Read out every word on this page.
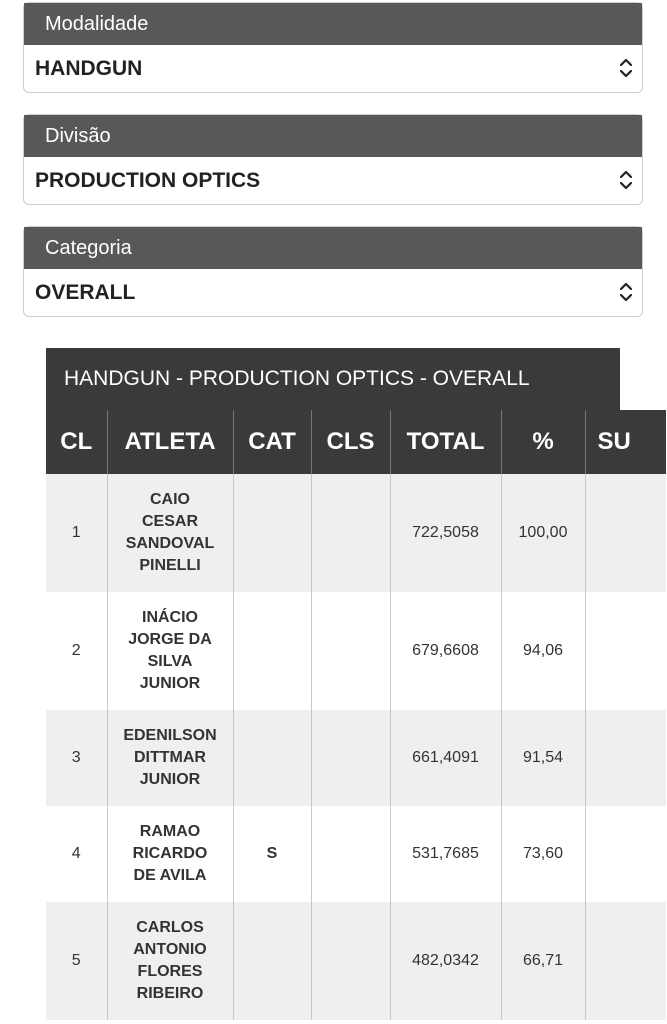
Modalidade
HANDGUN
Divisão
PRODUCTION OPTICS
Categoria
OVERALL
HANDGUN - PRODUCTION OPTICS - OVERALL
CL	ATLETA	CAT	CLS	TOTAL	%	SU
1	CAIO
CESAR
SANDOVAL
PINELLI			722,5058	100,00	
2	INÁCIO
JORGE DA
SILVA
JUNIOR			679,6608	94,06	
3	EDENILSON
DITTMAR
JUNIOR			661,4091	91,54	
4	RAMAO
RICARDO
DE AVILA	S		531,7685	73,60	
5	CARLOS
ANTONIO
FLORES
RIBEIRO			482,0342	66,71	
